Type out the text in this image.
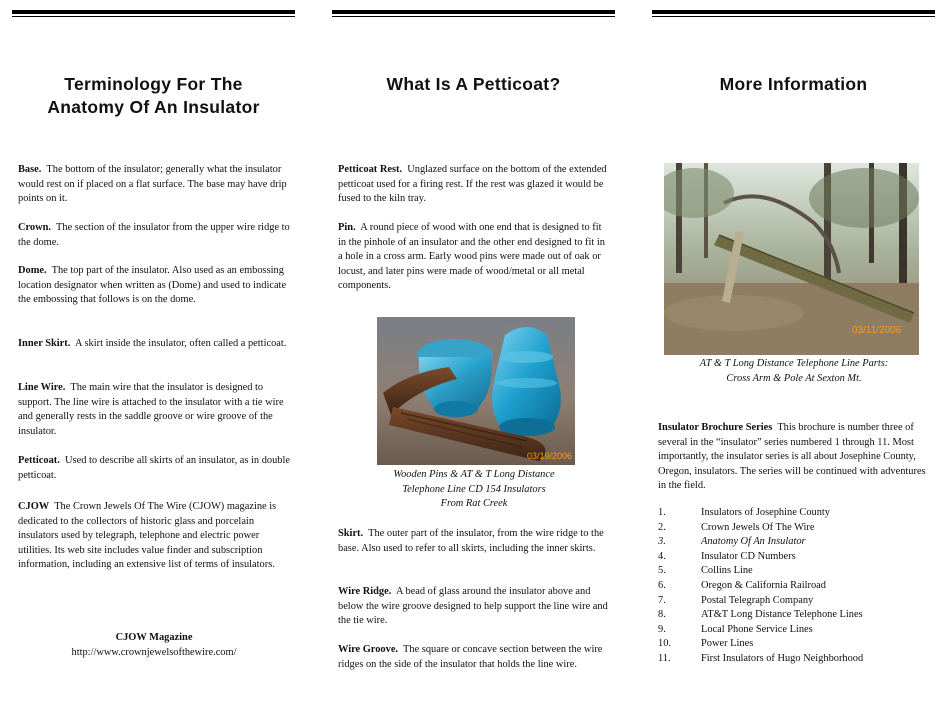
Terminology For The
Anatomy Of An Insulator

Base. The bottom of the insulator; generally what the insulator would rest on if placed on a flat surface. The base may have drip points on it.

Crown. The section of the insulator from the upper wire ridge to the dome.

Dome. The top part of the insulator. Also used as an embossing location designator when written as (Dome) and used to indicate the embossing that follows is on the dome.

Inner Skirt. A skirt inside the insulator, often called a petticoat.

Line Wire. The main wire that the insulator is designed to support. The line wire is attached to the insulator with a tie wire and generally rests in the saddle groove or wire groove of the insulator.

Petticoat. Used to describe all skirts of an insulator, as in double petticoat.

CJOW The Crown Jewels Of The Wire (CJOW) magazine is dedicated to the collectors of historic glass and porcelain insulators used by telegraph, telephone and electric power utilities. Its web site includes value finder and subscription information, including an extensive list of terms of insulators.

CJOW Magazine
http://www.crownjewelsofthewire.com/

What Is A Petticoat?

Petticoat Rest. Unglazed surface on the bottom of the extended petticoat used for a firing rest. If the rest was glazed it would be fused to the kiln tray.

Pin. A round piece of wood with one end that is designed to fit in the pinhole of an insulator and the other end designed to fit in a hole in a cross arm. Early wood pins were made out of oak or locust, and later pins were made of wood/metal or all metal components.

03/19/2006

Wooden Pins & AT & T Long Distance
Telephone Line CD 154 Insulators
From Rat Creek

Skirt. The outer part of the insulator, from the wire ridge to the base. Also used to refer to all skirts, including the inner skirts.

Wire Ridge. A bead of glass around the insulator above and below the wire groove designed to help support the line wire and the tie wire.

Wire Groove. The square or concave section between the wire ridges on the side of the insulator that holds the line wire.

More Information
03/11/2006

AT & T Long Distance Telephone Line Parts:
Cross Arm & Pole At Sexton Mt.

Insulator Brochure Series This brochure is number three of several in the “insulator” series numbered 1 through 11. Most importantly, the insulator series is all about Josephine County, Oregon, insulators. The series will be continued with adventures in the field.

1.	Insulators of Josephine County
2.	Crown Jewels Of The Wire
3.	Anatomy Of An Insulator
4.	Insulator CD Numbers
5.	Collins Line
6.	Oregon & California Railroad
7.	Postal Telegraph Company
8.	AT&T Long Distance Telephone Lines
9.	Local Phone Service Lines
10.	Power Lines
11.	First Insulators of Hugo Neighborhood
